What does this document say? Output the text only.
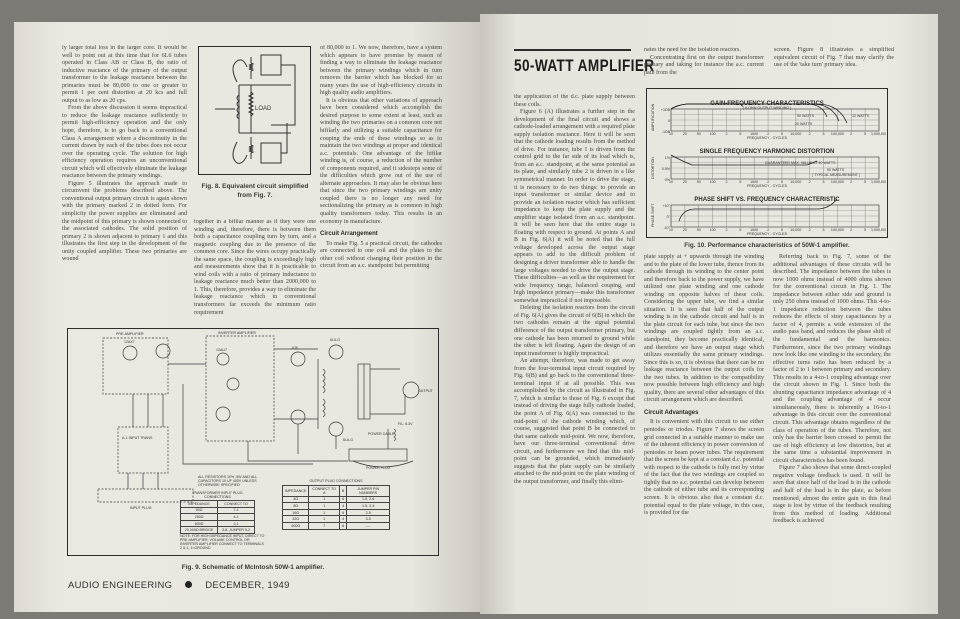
ly larger total loss in the larger core. It would be well to point out at this time that for 6L6 tubes operated in Class AB or Class B, the ratio of inductive reactance of the primary of the output transformer to the leakage reactance between the primaries must be 80,000 to one or greater to permit 1 per cent distortion at 20 kcs and full output to as low as 20 cps.

From the above discussion it seems impractical to reduce the leakage reactance sufficiently to permit high-efficiency operation and the only hope, therefore, is to go back to a conventional Class A arrangement where a discontinuity in the current drawn by each of the tubes does not occur over the operating cycle. The solution for high efficiency operation requires an unconventional circuit which will effectively eliminate the leakage reactance between the primary windings.

Figure 5 illustrates the approach made to circumvent the problems described above. The conventional output primary circuit is again shown with the primary marked 2 in dotted form. For simplicity the power supplies are eliminated and the midpoint of this primary is shown connected to the associated cathodes. The solid position of primary 2 is shown adjacent to primary 1 and this illustrates the first step in the development of the unity coupled amplifier. These two primaries are wound

LOAD
Fig. 8. Equivalent circuit simplified from Fig. 7.

together in a bifilar manner as if they were one winding and, therefore, there is between them both a capacitance coupling turn by turn, and a magnetic coupling due to the presence of the common core. Since the wires occupy practically the same space, the coupling is exceedingly high and measurements show that it is practicable to wind coils with a ratio of primary inductance to leakage reactance much better than 2000,000 to 1. This, therefore, provides a way to eliminate the leakage reactance which in conventional transformers far exceeds the minimum ratio requirement

of 80,000 to 1. We now, therefore, have a system which appears to have promise by reason of finding a way to eliminate the leakage reactance between the primary windings which in turn removes the barrier which has blocked for so many years the use of high-efficiency circuits in high quality audio amplifiers.

It is obvious that other variations of approach have been considered which accomplish the desired purpose to some extent at least, such as winding the two primaries on a common core not bifilarly and utilizing a suitable capacitance for couping the ends of these windings so as to maintain the two windings at proper and identical a.c. potentials. One advantage of the bifilar winding is, of course, a reduction of the number of components required, and it sidesteps some of the difficulties which grow out of the use of alternate approaches. It may also be obvious here that since the two primary windings are unity coupled there is no longer any need for sectionalizing the primary as is common in high quality transformers today. This results in an economy in manufacture.

Circuit Arrangement

To make Fig. 5 a practical circuit, the cathodes are connected to one coil and the plates to the other coil without changing their position in the circuit from an a.c. standpoint but permitting

PRE-AMPLIFIER	INVERTER AMPLIFIER
A-1 INPUT TRANS.
INPUT PLUG
POWER PLUG
POWER CABLE
OUTPUT
FIL. 6.3V
12AX7
12AU7	6J5
6L6-G
6L6-G
ALL RESISTORS 10% .5W AND ALL CAPACITORS 10 UF 400V UNLESS OTHERWISE SPECIFIED
TRANSFORMER INPUT PLUG CONNECTIONS
IMPEDANCE	CONNECT TO
50Ω	7-1
250Ω	4-1
600Ω	2-1
20,000Ω BRIDGE	3-8, JUMPER 5-2
NOTE: FOR HIGH IMPEDANCE INPUT, DIRECT TO PRE-AMPLIFIER, VOLUME CONTROL OR INVERTER AMPLIFIER CONNECT TO TERMINALS 2 & 1, 1=GROUND
OUTPUT PLUG CONNECTIONS
IMPEDANCE	CONNECT TO A	B	JUMPER PIN NUMBERS
4Ω	1	6	1-5, 2-6
8Ω	1	4	1-5, 3-4
16Ω	1	6	2-5
32Ω	1	4	3-5
600Ω	7	8	—
Fig. 9. Schematic of McIntosh 50W-1 amplifier.
AUDIO ENGINEERING	DECEMBER, 1949
50-WATT AMPLIFIER

the application of the d.c. plate supply between these coils.

Figure 6 (A) illustrates a further step in the development of the final circuit and shows a cathode-loaded arrangement with a required plate supply isolation reactance. Here it will be seen that the cathode loading results from the method of drive. For instance, tube 1 is driven from the control grid to the far side of its load which is, from an a.c. standpoint, at the same potential as its plate, and similarly tube 2 is driven in a like symmetrical manner. In order to drive the stage, it is necessary to do two things: to provide an input transformer or similar device and to provide an isolation reactor which has sufficient impedance to keep the plate supply and the amplifier stage isolated from an a.c. standpoint. It will be seen here that the entire stage is floating with respect to ground. At points A and B in Fig. 6(A) it will be noted that the full voltage developed across the output stage appears to add to the difficult problem of designing a driver transformer able to handle the large voltages needed to drive the output stage. These difficulties—as well as the requirement for wide frequency range, balanced couping, and high impedance primary—make this transformer somewhat impractical if not impossible.

Deleting the isolation reactors from the circuit of Fig. 6(A) gives the circuit of 6(B) in which the two cathodes remain at the signal potential difference of the output transformer primary, but one cathode has been returned to ground while the other is left floating. Again the design of an input transformer is highly impractical.

An attempt, therefore, was made to get away from the four-terminal input circuit required by Fig. 6(B) and go back to the conventional three-terminal input if at all possible. This was accomplished by the circuit as illustrated in Fig. 7, which is similar to those of Fig. 6 except that instead of driving the stage fully cathode loaded, the point A of Fig. 6(A) was connected to the mid-point of the cathode winding which, of course, suggested that point B be connected to that same cathode mid-point. We now, therefore, have our three-terminal conventional drive circuit, and furthermore we find that this mid-point can be grounded, which immediately suggests that the plate supply can be similarly attached to the mid-point on the plate winding of the output transformer, and finally this elimi-

nates the need for the isolation reactors.

Concentrating first on the output transformer primary and taking for instance the a.c. current path from the

screen. Figure 8 illustrates a simplified equivalent circuit of Fig. 7 that may clarify the use of the 'take turn' primary idea.

GAIN-FREQUENCY CHARACTERISTICS
( 8-OHM OUTPUT WINDING )
10	20	50 100	2	5 1000 2	5 10,000 2	5 100,000 2	5 1,000,000
+1DB
0
-1DB
AMPLIFICATION
FREQUENCY - CYCLES
SINGLE FREQUENCY HARMONIC DISTORTION
10	20	50 100	2	5 1000 2	5 10,000 2	5 100,000 2	5 1,000,000
1%
0.5%
0%
DISTORTION
FREQUENCY - CYCLES
PHASE SHIFT VS. FREQUENCY CHARACTERISTIC
10	20	50 100	2	5 1000 2	5 10,000 2	5 100,000 2	5 1,000,000
+10°
0°
-10°
PHASE SHIFT
FREQUENCY - CYCLES
50 WATTS
25 WATTS
12 WATTS
GUARANTEED MAX. VALUE AT 50 WATTS
50 WATTS
( TYPICAL MEASUREMENT )
Fig. 10. Performance characteristics of 50W-1 amplifier.

plate supply at + upwards through the winding and to the plate of the lower tube, thence from its cathode through its winding to the center point and therefore back to the power supply, we have utilized one plate winding and one cathode winding on opposite halves of these coils. Considering the upper tube, we find a similar situation. It is seen that half of the output winding is in the cathode circuit and half is in the plate circuit for each tube, but since the two windings are coupled tightly from an a.c. standpoint, they become practically identical, and therefore we have an output stage which utilizes essentially the same primary windings. Since this is so, it is obvious that there can be no leakage reactance between the output coils for the two tubes. In addition to the compatibility now possible between high efficiency and high quality, there are several other advantages of this circuit arrangement which are described.

Circuit Advantages

It is convenient with this circuit to use either pentodes or triodes. Figure 7 shows the screen grid connected in a suitable manner to make use of the inherent efficiency in power conversion of pentodes or beam power tubes. The requirement that the screen be kept at a constant d.c. potential with respect to the cathode is fully met by virtue of the fact that the two windings are coupled so tightly that no a.c. potential can develop between the cathode of either tube and its corresponding screen. It is obvious also that a constant d.c. potential equal to the plate voltage, in this case, is provided for the

Referring back to Fig. 7, some of the additional advantages of these circuits will be described. The impedance between the tubes is now 1000 ohms instead of 4000 ohms shown for the conventional circuit in Fig. 1. The impedance between either side and ground is only 250 ohms instead of 1000 ohms. This 4-to-1 impedance reduction between the tubes reduces the effects of stray capacitances by a factor of 4, permits a wide extension of the audio pass band, and reduces the phase shift of the fundamental and the harmonics. Furthermore, since the two primary windings now look like one winding to the secondary, the effective turns ratio has been reduced by a factor of 2 to 1 between primary and secondary. This results in a 4-to-1 coupling advantage over the circuit shown in Fig. 1. Since both the shunting capacitance impedance advantage of 4 and the coupling advantage of 4 occur simultaneously, there is inherently a 16-to-1 advantage in this circuit over the conventional circuit. This advantage obtains regardless of the class of operation of the tubes. Therefore, not only has the barrier been crossed to permit the use of high efficiency at low distortion, but at the same time a substantial improvement in circuit characteristics has been found.

Figure 7 also shows that some direct-coupled negative voltage feedback is used. It will be seen that since half of the load is in the cathode and half of the load is in the plate, as before mentioned, almost the entire gain in this final stage is lost by virtue of the feedback resulting from this method of loading. Additional feedback is achieved
